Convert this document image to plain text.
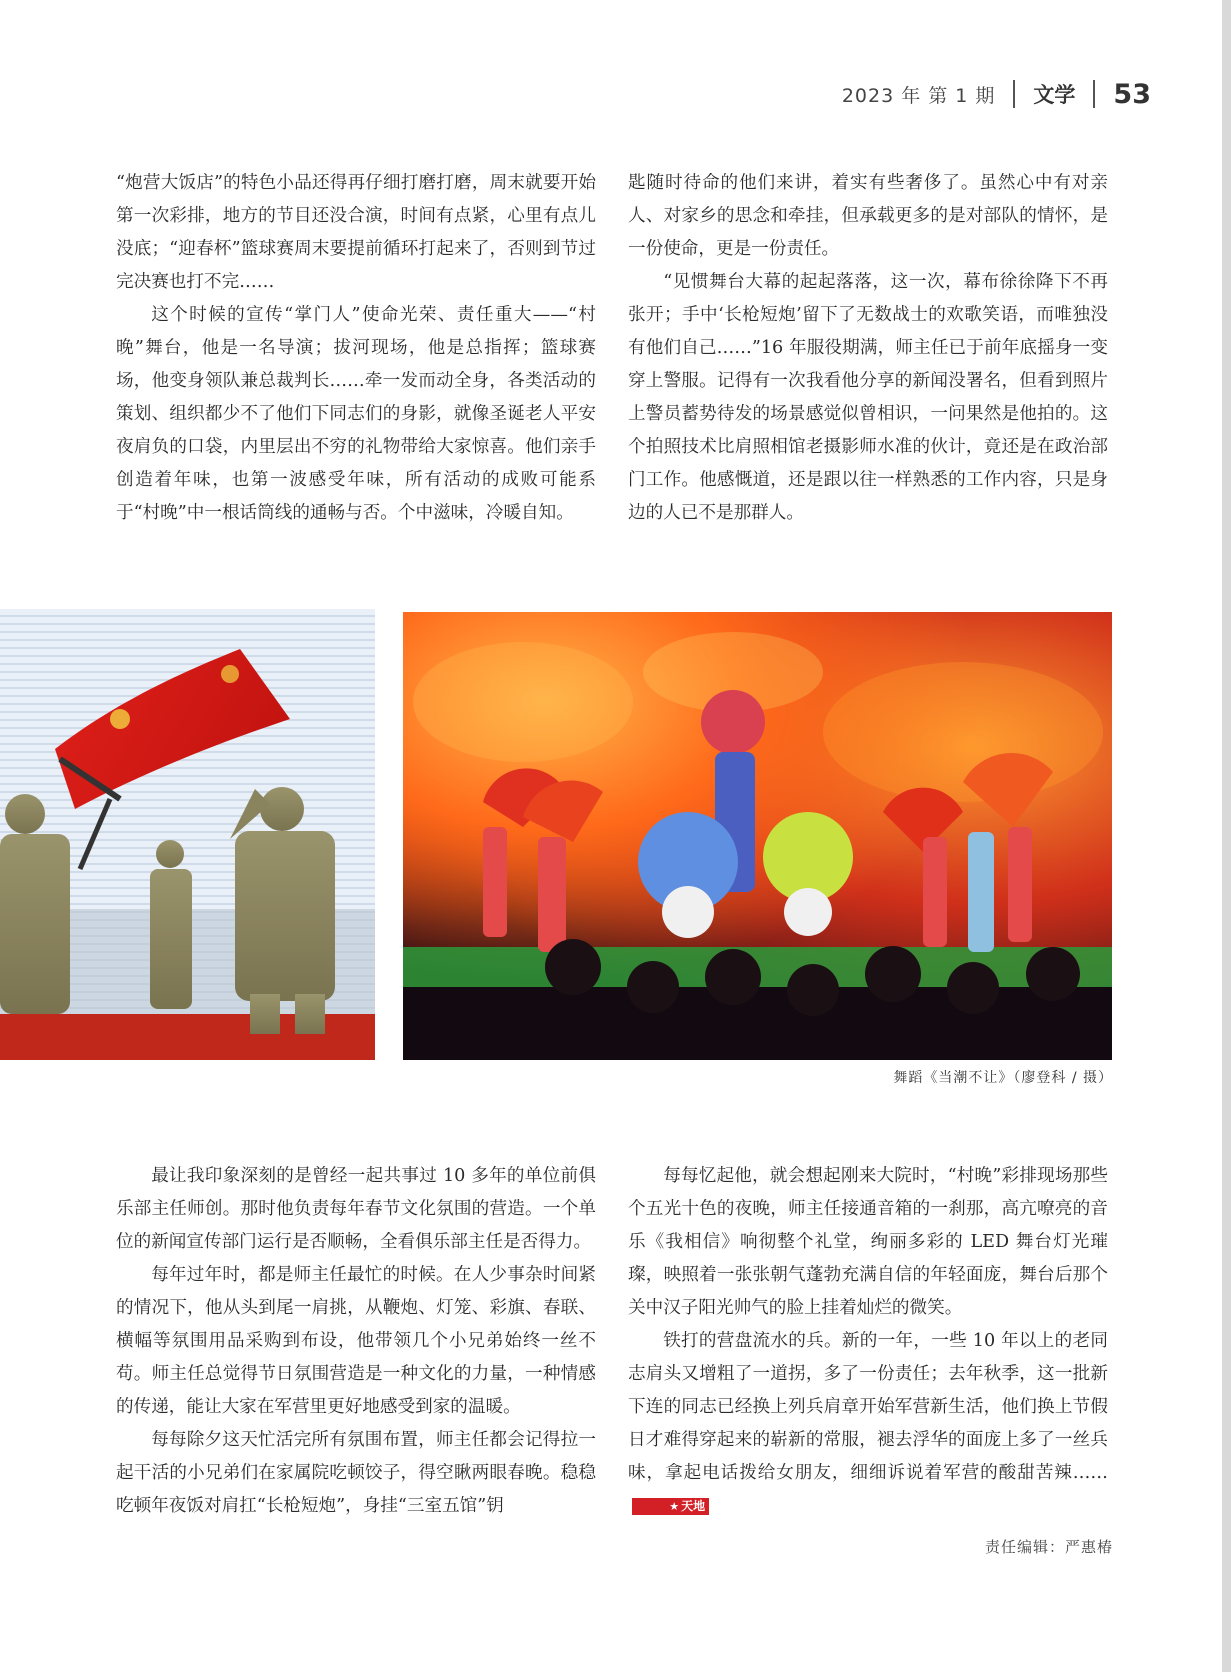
2023 年 第 1 期 文学 53

“炮营大饭店”的特色小品还得再仔细打磨打磨，周末就要开始第一次彩排，地方的节目还没合演，时间有点紧，心里有点儿没底；“迎春杯”篮球赛周末要提前循环打起来了，否则到节过完决赛也打不完……

这个时候的宣传“掌门人”使命光荣、责任重大——“村晚”舞台，他是一名导演；拔河现场，他是总指挥；篮球赛场，他变身领队兼总裁判长……牵一发而动全身，各类活动的策划、组织都少不了他们下同志们的身影，就像圣诞老人平安夜肩负的口袋，内里层出不穷的礼物带给大家惊喜。他们亲手创造着年味，也第一波感受年味，所有活动的成败可能系于“村晚”中一根话筒线的通畅与否。个中滋味，冷暖自知。

匙随时待命的他们来讲，着实有些奢侈了。虽然心中有对亲人、对家乡的思念和牵挂，但承载更多的是对部队的情怀，是一份使命，更是一份责任。

“见惯舞台大幕的起起落落，这一次，幕布徐徐降下不再张开；手中‘长枪短炮’留下了无数战士的欢歌笑语，而唯独没有他们自己……”16 年服役期满，师主任已于前年底摇身一变穿上警服。记得有一次我看他分享的新闻没署名，但看到照片上警员蓄势待发的场景感觉似曾相识，一问果然是他拍的。这个拍照技术比肩照相馆老摄影师水准的伙计，竟还是在政治部门工作。他感慨道，还是跟以往一样熟悉的工作内容，只是身边的人已不是那群人。

舞蹈《当潮不让》（廖登科 / 摄）

最让我印象深刻的是曾经一起共事过 10 多年的单位前俱乐部主任师创。那时他负责每年春节文化氛围的营造。一个单位的新闻宣传部门运行是否顺畅，全看俱乐部主任是否得力。

每年过年时，都是师主任最忙的时候。在人少事杂时间紧的情况下，他从头到尾一肩挑，从鞭炮、灯笼、彩旗、春联、横幅等氛围用品采购到布设，他带领几个小兄弟始终一丝不苟。师主任总觉得节日氛围营造是一种文化的力量，一种情感的传递，能让大家在军营里更好地感受到家的温暖。

每每除夕这天忙活完所有氛围布置，师主任都会记得拉一起干活的小兄弟们在家属院吃顿饺子，得空瞅两眼春晚。稳稳吃顿年夜饭对肩扛“长枪短炮”，身挂“三室五馆”钥

每每忆起他，就会想起刚来大院时，“村晚”彩排现场那些个五光十色的夜晚，师主任接通音箱的一刹那，高亢嘹亮的音乐《我相信》响彻整个礼堂，绚丽多彩的 LED 舞台灯光璀璨，映照着一张张朝气蓬勃充满自信的年轻面庞，舞台后那个关中汉子阳光帅气的脸上挂着灿烂的微笑。

铁打的营盘流水的兵。新的一年，一些 10 年以上的老同志肩头又增粗了一道拐，多了一份责任；去年秋季，这一批新下连的同志已经换上列兵肩章开始军营新生活，他们换上节假日才难得穿起来的崭新的常服，褪去浮华的面庞上多了一丝兵味，拿起电话拨给女朋友，细细诉说着军营的酸甜苦辣……★ 天地

责任编辑：严惠椿
